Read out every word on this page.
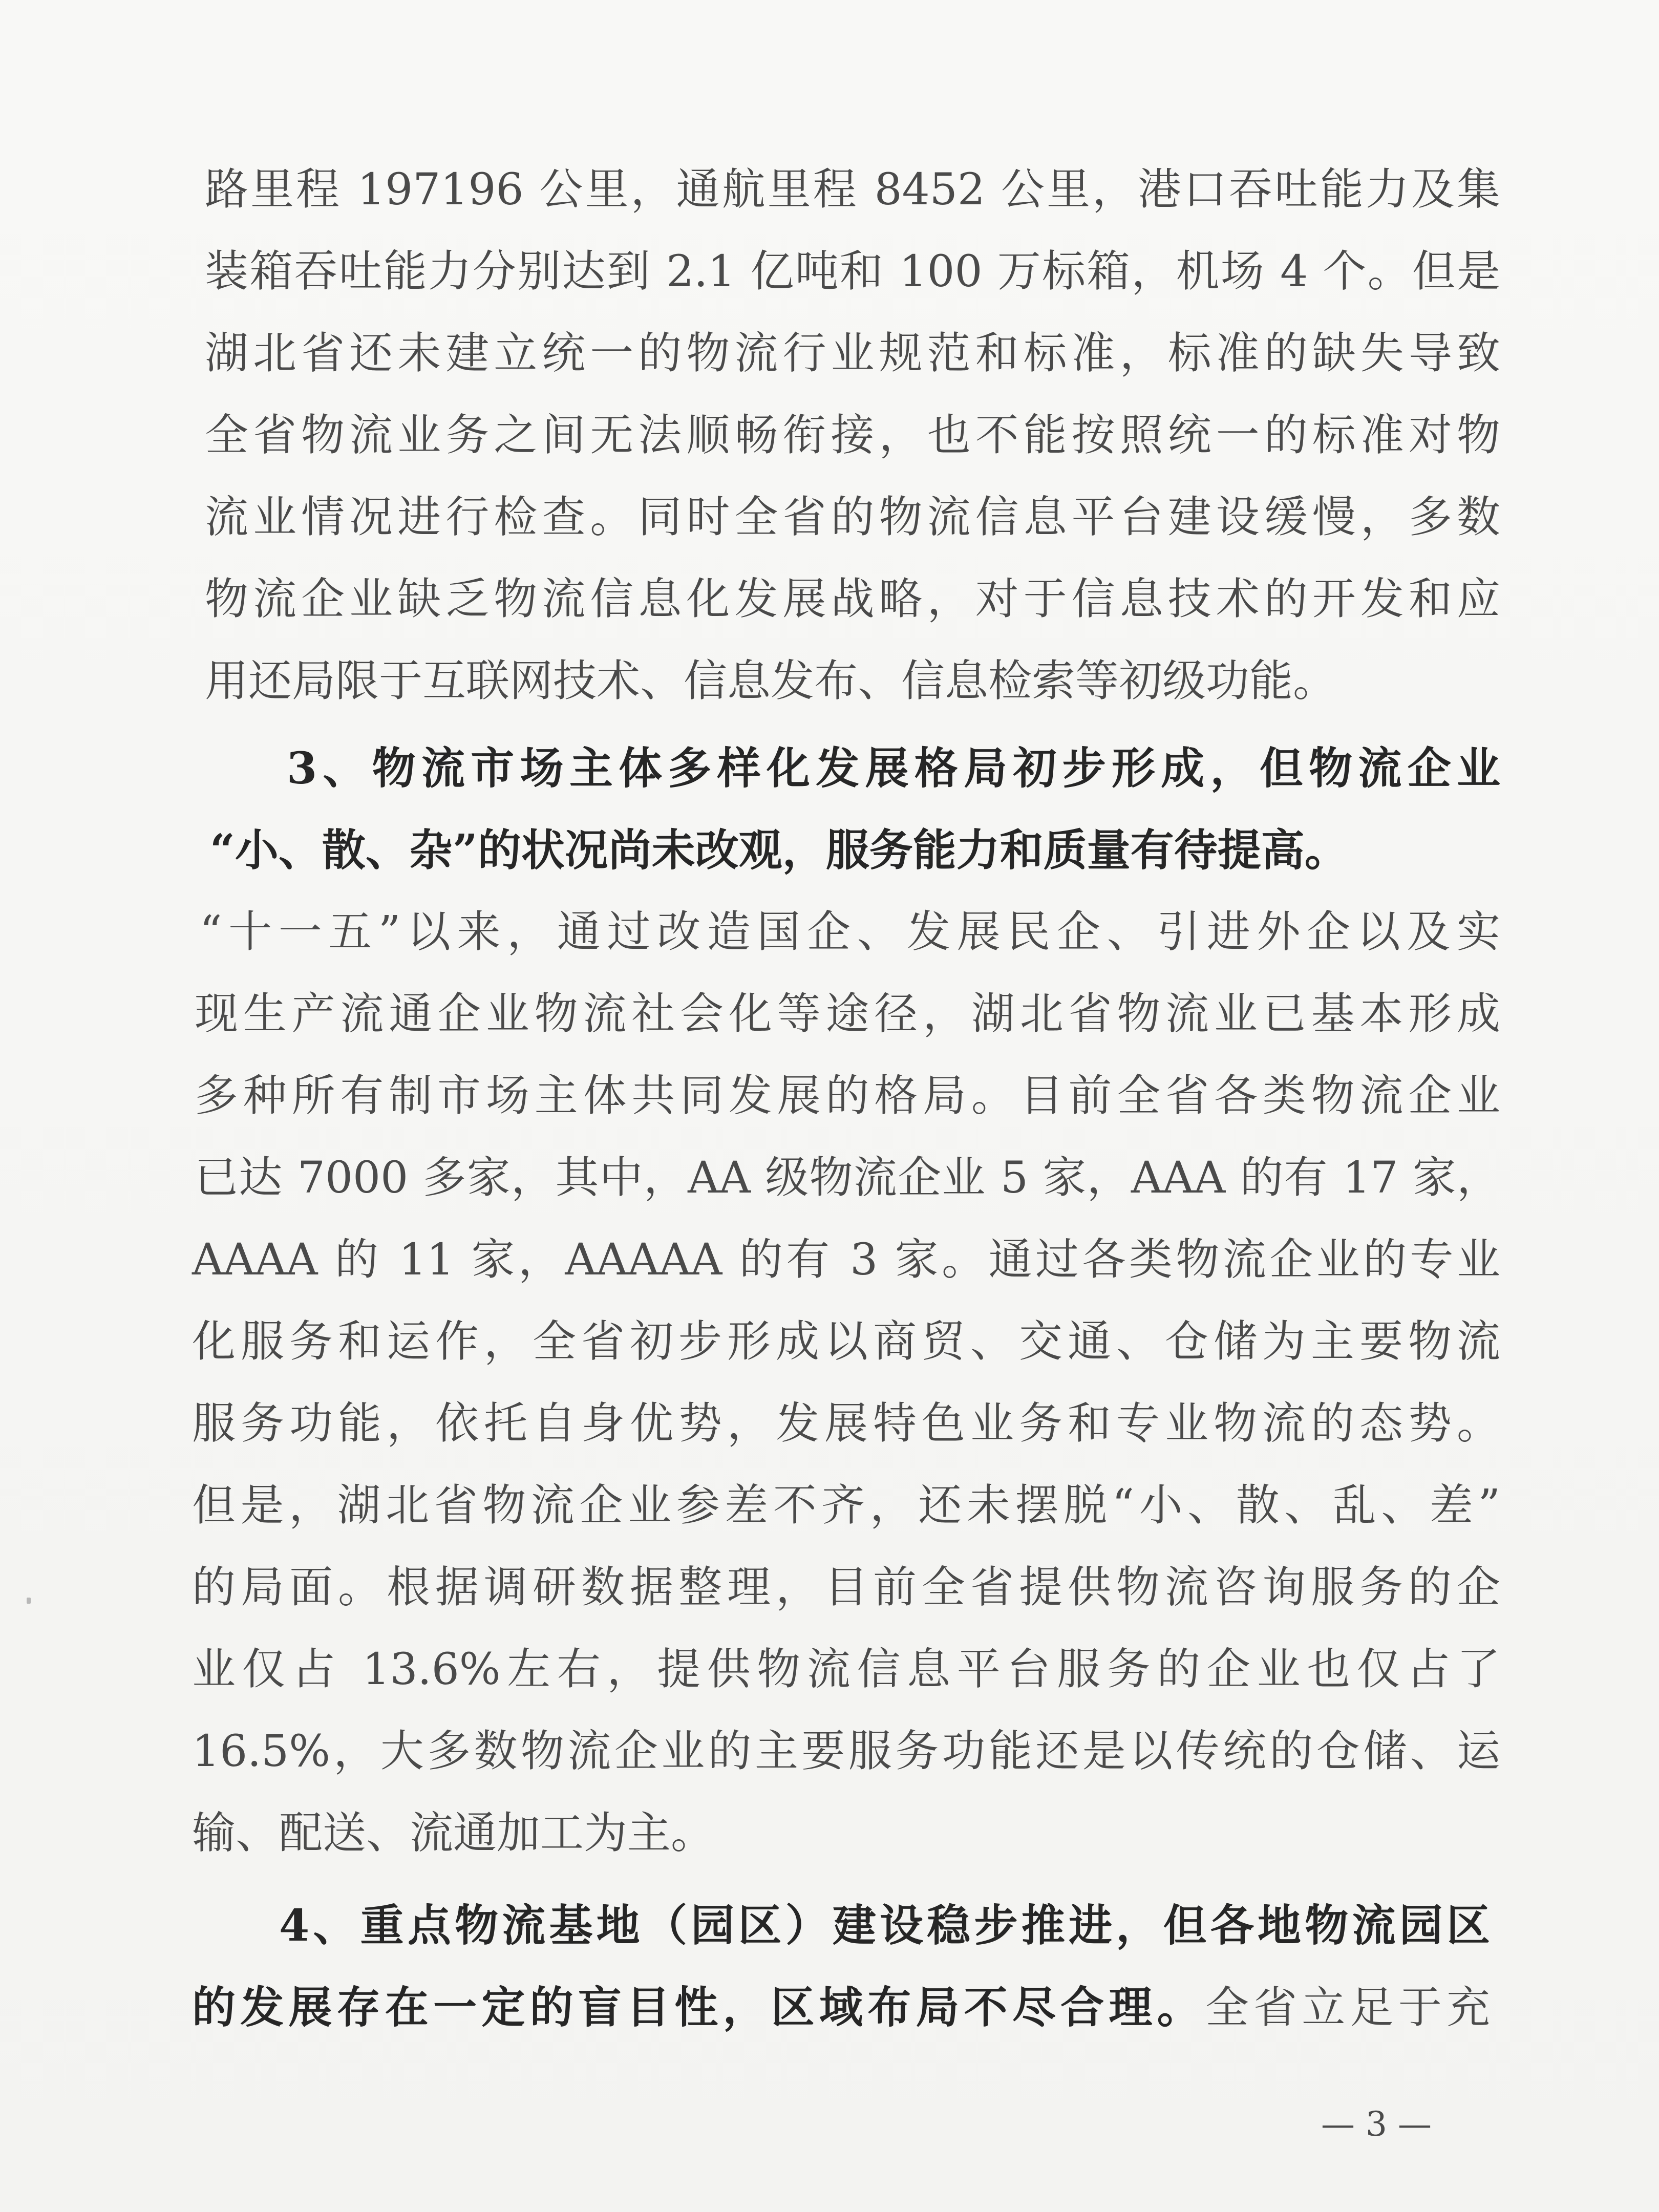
路里程 197196 公里，通航里程 8452 公里，港口吞吐能力及集
装箱吞吐能力分别达到 2.1 亿吨和 100 万标箱，机场 4 个。但是
湖北省还未建立统一的物流行业规范和标准，标准的缺失导致
全省物流业务之间无法顺畅衔接，也不能按照统一的标准对物
流业情况进行检查。同时全省的物流信息平台建设缓慢，多数
物流企业缺乏物流信息化发展战略，对于信息技术的开发和应
用还局限于互联网技术、信息发布、信息检索等初级功能。
3、物流市场主体多样化发展格局初步形成，但物流企业
“小、散、杂”的状况尚未改观，服务能力和质量有待提高。
“十一五”以来，通过改造国企、发展民企、引进外企以及实
现生产流通企业物流社会化等途径，湖北省物流业已基本形成
多种所有制市场主体共同发展的格局。目前全省各类物流企业
已达 7000 多家，其中，AA 级物流企业 5 家，AAA 的有 17 家，
AAAA 的 11 家，AAAAA 的有 3 家。通过各类物流企业的专业
化服务和运作，全省初步形成以商贸、交通、仓储为主要物流
服务功能，依托自身优势，发展特色业务和专业物流的态势。
但是，湖北省物流企业参差不齐，还未摆脱“小、散、乱、差”
的局面。根据调研数据整理，目前全省提供物流咨询服务的企
业仅占 13.6%左右，提供物流信息平台服务的企业也仅占了
16.5%，大多数物流企业的主要服务功能还是以传统的仓储、运
输、配送、流通加工为主。
4、重点物流基地（园区）建设稳步推进，但各地物流园区
的发展存在一定的盲目性，区域布局不尽合理。全省立足于充
— 3 —
